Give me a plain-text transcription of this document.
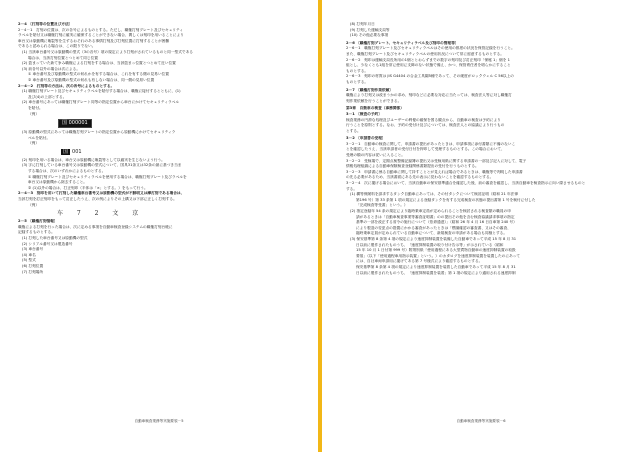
2－4 〔打刻等の位置及び方法〕
2－4－1　打刻の位置は、次の各号によるものとする。ただし、職権打刻プレート及びセキュリティ
ラベルを貼付又は職権打刻に確実に確保することができない場合、間しくは刻印を用いることにより
車台又は原動機に亀裂等を生ずるおそれのある事情打刻及び打刻位置に打刻することが困難
であると認められる場合は、この限りでない。
(1) 当該車台番号又は原動機の型式（3の各号）項の規定により打刻がされているものと同一型式である
場合は、当該打刻位置とつとめて同じ位置
(2) 盗まっていた新て争み職権による打刻をする場合は、当該盗まっ位置とつとめて近い位置
(3) 前各号以外の場合は次による。
① 車台番号及び原動機の型式の何れかを有する場合は、これを有する側の見易い位置
② 車台番号及び原動機の型式の何れも有しない場合は、同一側の見易い位置
2－4－2　打刻等の方法は、次の各号によるものとする。
(1) 職権打刻プレート及びセキュリティラベルを貼付する場合は、職権に接付するとともに、(1)
及び(4)の上部とする。
(2) 車台番号にあっては職権打刻プレート同等の指定位置から車台にかけてセキュリティラベル
を貼付。
（例）
国 000001
(3) 原動機の型式にあっては職権打刻プレートの指定位置から原動機にかけてセキュリティラ
ベルを貼付。
（例）
国 001
(2) 刻印を用いる場合は、車台又は原動機に亀裂等として以確実を生じないよう行う。
(3) 字に打刻している車台番号又は原動機の型式について、国具31条又は32条の最に基づき当ま
する場合は、次のいずれかによるものとする。
① 職権打刻プレート及びセキュリティラベルを使用する場合は、職権打刻プレート及びラベルを
車台又は原動機から除去すること。
② (1)以外の場合は、打正刻印（半体は「×」とする。）をもって行う。
2－4－3　刻印を用いて打刻した職権車台番号又は原動機の型式が不鮮明又は摩打刻である場合は、
当該打刻を訂正刻印をもって訂正したうえ、次の例によりその上構又は下部に正しく打刻する。
（例）
车 7 2 文 京
2－5 〔職権打刻情報〕
職権による打刻を行った場合は、次に定める事項を自動車検査登録システムの職権打刻台帳に
記録するものとする。
(1) 打刻した車台番号又は原動機の型式
(2) シリアル番号又は製造番号
(3) 車台番号
(4) 車名
(5) 型式
(6) 打刻位置
(7) 打刻場所
自動車検査業務等実施要領－5
(8) 打刻年月日
(9) 打刻した運輸支局等
(10) その他必要な事項
2－6 〔職権打刻プレート、セキュリティラベル及び刻印の管理等〕
2－6－1　職権打刻プレート及びセキュリティラベルはその使用の都度の状況を保管記録を行うこと。
また、職権打刻プレート及びセキュリティラベルの使用状況について常に留意するものとする。
2－6－2　刻印は運輸支局長所用の1個ととおらずまでの数字の刻印及び訂正刻印「保秘 1」個を 1
組とし、少なくとも1組を常に使用に支障のない状態で備え、かつ、保管責任者を明らかにすること
ものとする。
2－6－3　刻印の材質は JIS G4404 の合金工具鋼5種であって、その硬度がロックウェル C 56以上の
ものとする。
2－7 〔職権打刻作業依頼〕
職権により打刻又は改まうかの求め、刻印などに必要な対応に当たっては、検査法人等に対し職権打
刻作業依頼を行うことができる。
第3章　自動車の検査（事務関係）
3－1 〔検査の予約〕
検査業務の円滑な処理及びユーザーの利便の確保を図る観点から、自動車の検査は予約により
行うことを原則とする。なお、予約の受付け及びについては、検査法人との協議により行うもの
とする。
3－2 〔申請書の受理〕
3－2－1　自動車の検査に関して、申請書の提出があったときは、申請事項に添付書類に不備のないこ
とを確認したうえ、当該申請者の受付日付を押印して受理するものとする。この場合において、
受理の順の内容は従いに入ること。
3－2－2　受検場で、定期点検整備記録簿の提出又は受検用紙に関する申請書の一部及び記入に対して、電子
情報処理組織による自動車保険検査登録関係書類提出の受付を行うものとする。
3－2－3　申請書に係る自動車に関して持すこととが見えれば場合であるときは、職権等で判明した申請書
の先る必要があるため、当該書面にある先の表示に従わないことを確認するものとする。
3－2－4　次に掲げる場合において、当該自動車の保安基準適合を確認した後、前の審査を確認し、当該自動車を検査指示に向い際させるものと
する。
(1) 構等保険料を請求するタンク自動車にあっては、その付タンクについて検討証明（昭和 21 年法律
第196 号）第 33 条第 1 項の規定による登録タンクを有する完成検査の状態の提出書第 1 号を検付に付した
「完成検査等受書」という。）
(2) 指定登録年 54 条の規定により臨時乗車定員が定められることを検討される検査類の職員の申
請があるときは「自動車検査事業等審査証明書」のの提出その他を含む検査協議請求事項の指定
基準の一部を改正する省令の施行について（依命通達）」（昭和 26 年 4 月 16 日自車第 240 号）
により製造の変更点の措置にかかる審査があったときは「標識確認の審査書、又はその審査、
臨時乗車定員が定められている自動車について、新規検査の申請がある場合も同様とする。
(3) 保安基準第 8 条第 4 項の規定により速度抑制装置を装備した自動車であって平成 15 年 8 月 31
日以前に製作されたものうち、「速度抑制装置の取り付け告示等」が示されている（昭和
15 年 10 月 1 日付第 999 号）附則別紙「使用過程にある大型貨物自動車の速度抑制装置の取扱
要領」（以下「使用過程車用指示装置」という。）のカタログを速度抑制装置を装置したのにあって
には、自社車両申請用に掲げてある第 7 号様式により確認するものとする。
保安基準第 8 条第 4 項の規定により速度抑制装置を装着した自動車であって平成 15 年 8 月 31
日以前に製作されたものうち、「速度抑制装置を装着」第 1 項の規定により適用される速度抑制
自動車検査業務等実施要領－6
